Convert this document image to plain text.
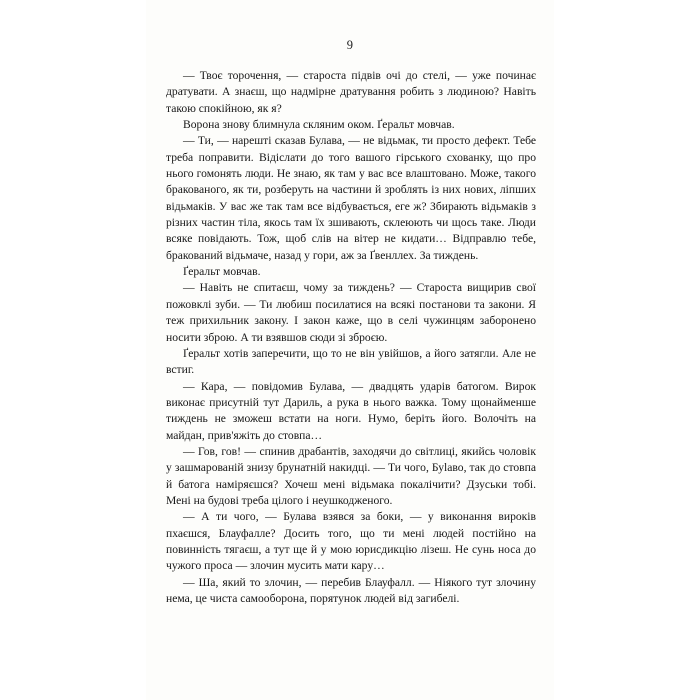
9

— Твоє торочення, — староста підвів очі до стелі, — уже починає дратувати. А знаєш, що надмірне дратування робить з людиною? Навіть такою спокійною, як я?

Ворона знову блимнула скляним оком. Ґеральт мовчав.

— Ти, — нарешті сказав Булава, — не відьмак, ти просто дефект. Тебе треба поправити. Відіслати до того вашого гірського схованку, що про нього гомонять люди. Не знаю, як там у вас все влаштовано. Може, такого бракованого, як ти, розберуть на частини й зроблять із них нових, ліпших відьмаків. У вас же так там все відбувається, еге ж? Збирають відьмаків з різних частин тіла, якось там їх зшивають, склеюють чи щось таке. Люди всяке повідають. Тож, щоб слів на вітер не кидати… Відправлю тебе, бракований відьмаче, назад у гори, аж за Ґвенллех. За тиждень.

Ґеральт мовчав.

— Навіть не спитаєш, чому за тиждень? — Староста вищирив свої пожовклі зуби. — Ти любиш посилатися на всякі постанови та закони. Я теж прихильник закону. І закон каже, що в селі чужинцям заборонено носити зброю. А ти взявшов сюди зі зброєю.

Ґеральт хотів заперечити, що то не він увійшов, а його затягли. Але не встиг.

— Кара, — повідомив Булава, — двадцять ударів батогом. Вирок виконає присутній тут Дариль, а рука в нього важка. Тому щонайменше тиждень не зможеш встати на ноги. Нумо, беріть його. Волочіть на майдан, прив'яжіть до стовпа…

— Гов, гов! — спинив драбантів, заходячи до світлиці, якийсь чоловік у зашмарованій знизу брунатній накидці. — Ти чого, Буlaво, так до стовпа й батога наміряєшся? Хочеш мені відьмака покалічити? Дзуськи тобі. Мені на будові треба цілого і неушкодженого.

— А ти чого, — Булава взявся за боки, — у виконання вироків пхаєшся, Блауфалле? Досить того, що ти мені людей постійно на повинність тягаєш, а тут ще й у мою юрисдикцію лізеш. Не сунь носа до чужого проса — злочин мусить мати кару…

— Ша, який то злочин, — перебив Блауфалл. — Ніякого тут злочину нема, це чиста самооборона, порятунок людей від загибелі.
